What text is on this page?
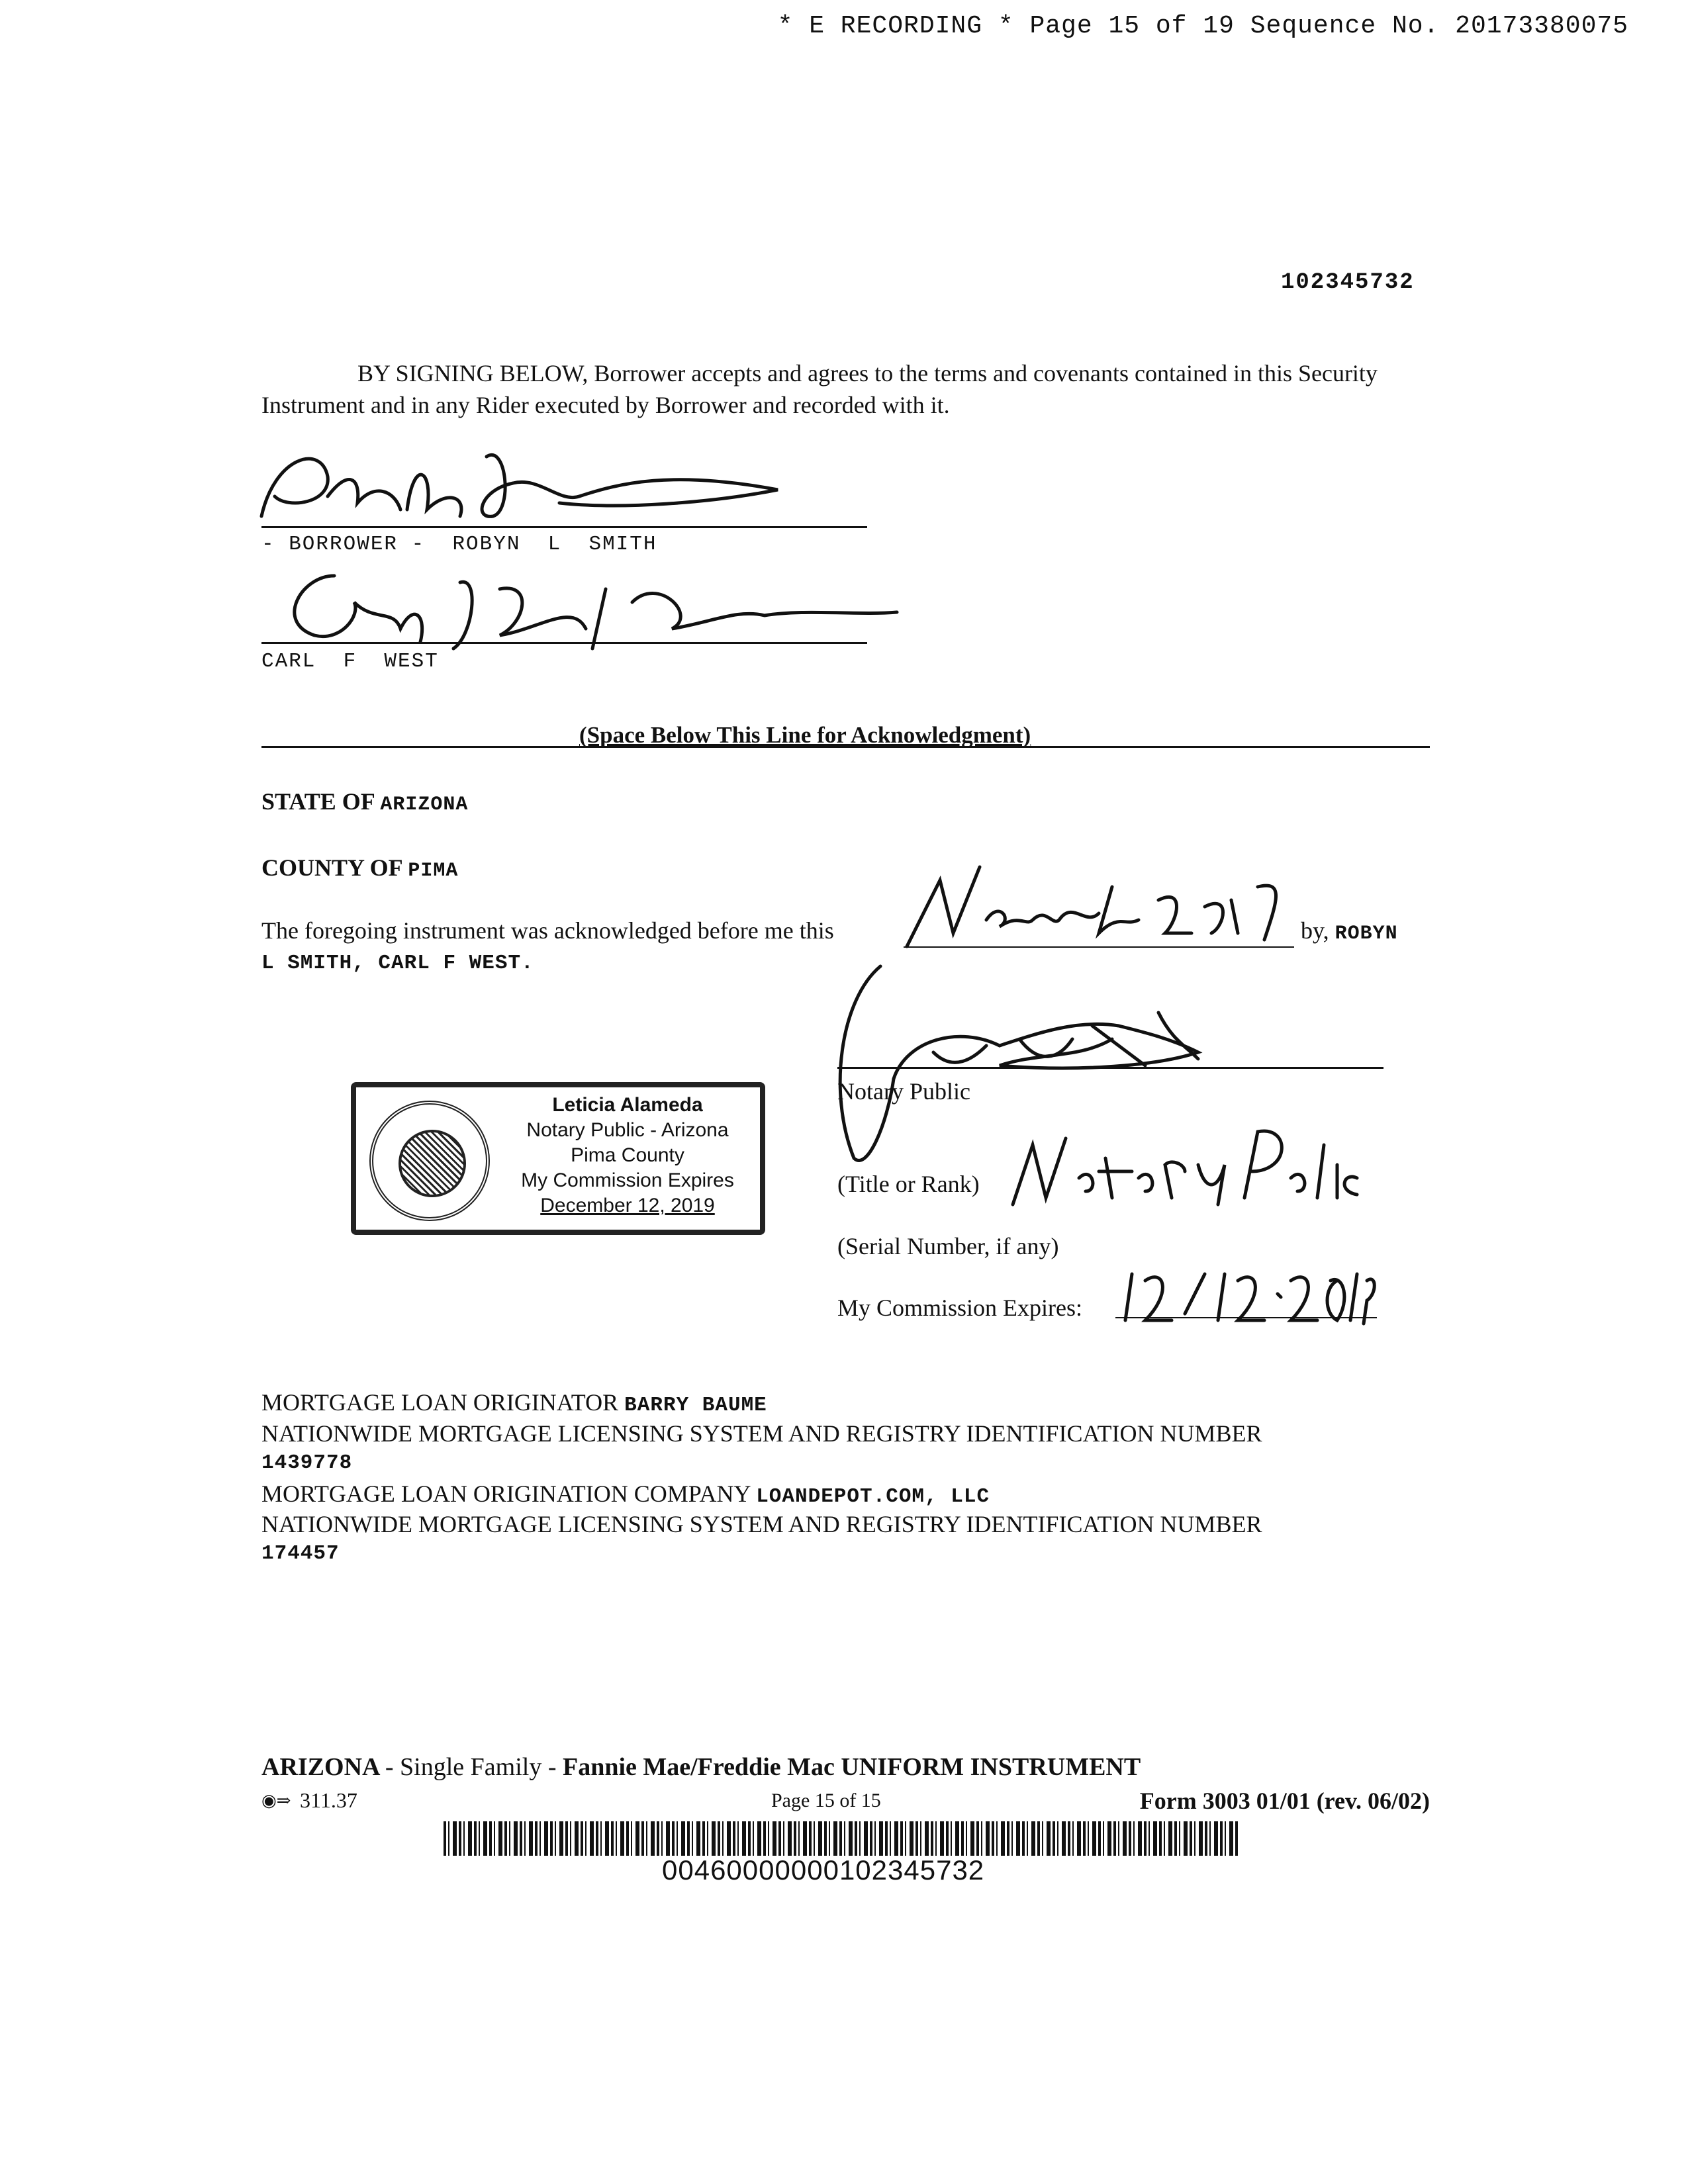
* E RECORDING * Page 15 of 19 Sequence No. 20173380075
102345732
BY SIGNING BELOW, Borrower accepts and agrees to the terms and covenants contained in this Security Instrument and in any Rider executed by Borrower and recorded with it.
- BORROWER -  ROBYN  L  SMITH
CARL  F  WEST
(Space Below This Line for Acknowledgment)
STATE OF ARIZONA
COUNTY OF PIMA
The foregoing instrument was acknowledged before me this	by, ROBYN
L SMITH, CARL F WEST.
Leticia Alameda
Notary Public - Arizona
Pima County
My Commission Expires
December 12, 2019
Notary Public
(Title or Rank)
(Serial Number, if any)
My Commission Expires:
MORTGAGE LOAN ORIGINATOR BARRY BAUME
NATIONWIDE MORTGAGE LICENSING SYSTEM AND REGISTRY IDENTIFICATION NUMBER
1439778
MORTGAGE LOAN ORIGINATION COMPANY LOANDEPOT.COM, LLC
NATIONWIDE MORTGAGE LICENSING SYSTEM AND REGISTRY IDENTIFICATION NUMBER
174457
ARIZONA - Single Family - Fannie Mae/Freddie Mac UNIFORM INSTRUMENT
◉⇒ 311.37	Page 15 of 15	Form 3003 01/01 (rev. 06/02)
00460000000102345732
